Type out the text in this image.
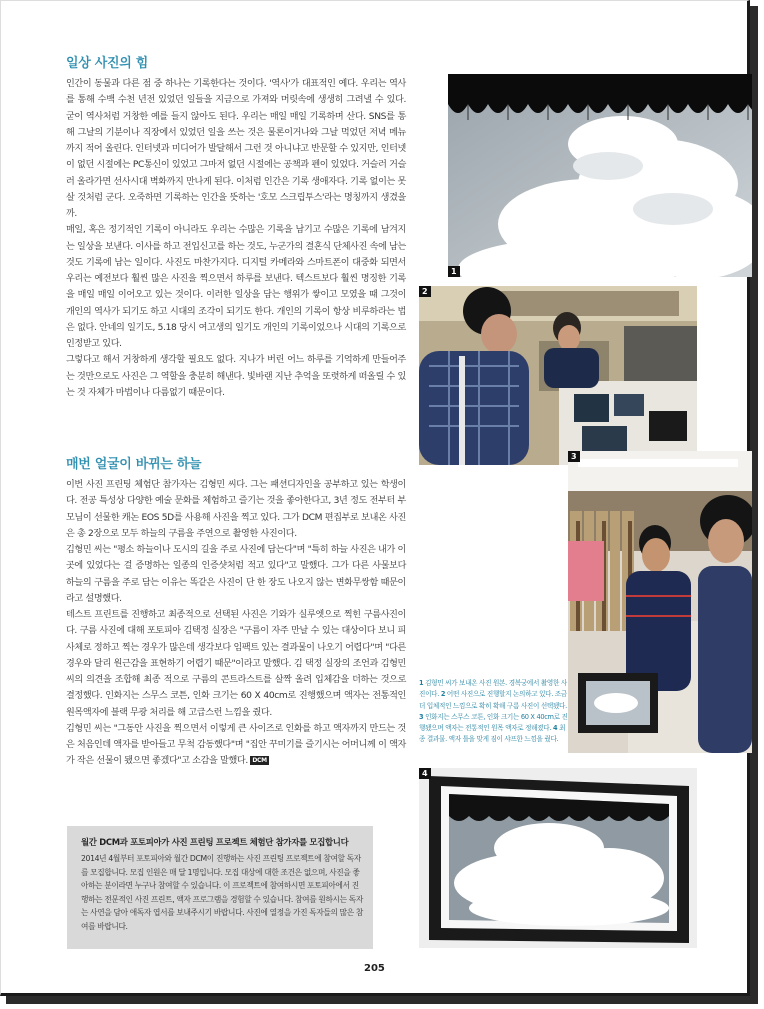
일상 사진의 힘

인간이 동물과 다른 점 중 하나는 기록한다는 것이다. '역사'가 대표적인 예다. 우리는 역사를 통해 수백 수천 년전 있었던 일들을 지금으로 가져와 머릿속에 생생히 그려낼 수 있다. 굳이 역사처럼 거창한 예를 들지 않아도 된다. 우리는 매일 매일 기록하며 산다. SNS를 통해 그날의 기분이나 직장에서 있었던 일을 쓰는 것은 물론이거나와 그날 먹었던 저녁 메뉴까지 적어 올린다. 인터넷과 미디어가 발달해서 그런 것 아니냐고 반문할 수 있지만, 인터넷이 없던 시절에는 PC통신이 있었고 그마저 없던 시절에는 공책과 펜이 있었다. 거슬러 거슬러 올라가면 선사시대 벽화까지 만나게 된다. 이처럼 인간은 기록 생애자다. 기록 없이는 못살 것처럼 군다. 오죽하면 기록하는 인간을 뜻하는 '호모 스크립투스'라는 명칭까지 생겼을까.

매일, 혹은 정기적인 기록이 아니라도 우리는 수많은 기록을 남기고 수많은 기록에 남겨지는 일상을 보낸다. 이사를 하고 전입신고를 하는 것도, 누군가의 결혼식 단체사진 속에 남는 것도 기록에 남는 일이다. 사진도 마찬가지다. 디지털 카메라와 스마트폰이 대중화 되면서 우리는 예전보다 훨씬 많은 사진을 찍으면서 하루를 보낸다. 텍스트보다 훨씬 명징한 기록을 매일 매일 이어오고 있는 것이다. 이러한 일상을 담는 행위가 쌓이고 모였을 때 그것이 개인의 역사가 되기도 하고 시대의 조각이 되기도 한다. 개인의 기록이 항상 비루하라는 법은 없다. 안네의 일기도, 5.18 당시 여고생의 일기도 개인의 기록이었으나 시대의 기록으로 인정받고 있다.

그렇다고 해서 거창하게 생각할 필요도 없다. 지나가 버린 어느 하루를 기억하게 만들어주는 것만으로도 사진은 그 역할을 충분히 해낸다. 빛바랜 지난 추억을 또렷하게 떠올릴 수 있는 것 자체가 마법이나 다름없기 때문이다.

매번 얼굴이 바뀌는 하늘

이번 사진 프린팅 체험단 참가자는 김형민 씨다. 그는 패션디자인을 공부하고 있는 학생이다. 전공 특성상 다양한 예술 문화를 체험하고 즐기는 것을 좋아한다고, 3년 정도 전부터 부모님이 선물한 캐논 EOS 5D를 사용해 사진을 찍고 있다. 그가 DCM 편집부로 보내온 사진은 총 2장으로 모두 하늘의 구름을 주연으로 촬영한 사진이다.

김형민 씨는 "평소 하늘이나 도시의 길을 주로 사진에 담는다"며 "특히 하늘 사진은 내가 이 곳에 있었다는 걸 증명하는 일종의 인증샷처럼 적고 있다"고 말했다. 그가 다른 사물보다 하늘의 구름을 주로 담는 이유는 똑같은 사진이 단 한 장도 나오지 않는 변화무쌍함 때문이라고 설명했다.

테스트 프린트를 진행하고 최종적으로 선택된 사진은 기와가 실루엣으로 찍힌 구름사진이다. 구름 사진에 대해 포토피아 김택정 실장은 "구름이 자주 만날 수 있는 대상이다 보니 피사체로 정하고 찍는 경우가 많은데 생각보다 임팩트 있는 결과물이 나오기 어렵다"며 "다른 경우와 달리 원근감을 표현하기 어렵기 때문"이라고 말했다. 김 택정 실장의 조언과 김형민 씨의 의견을 조합해 최종 적으로 구름의 콘트라스트를 살짝 올려 입체감을 더하는 것으로 결정했다. 인화지는 스무스 코튼, 인화 크기는 60 X 40cm로 진행했으며 액자는 전통적인 원목액자에 블랙 무광 처리를 해 고급스런 느낌을 줬다.

김형민 씨는 "그동안 사진을 찍으면서 이렇게 큰 사이즈로 인화를 하고 액자까지 만드는 것은 처음인데 액자를 받아들고 무척 감동했다"며 "집안 꾸미기를 즐기시는 어머니께 이 액자가 작은 선물이 됐으면 좋겠다"고 소감을 말했다. DCM

1
2
3
1 김형민 씨가 보내온 사진 원본. 경복궁에서 촬영한 사진이다. 2 어떤 사진으로 진행할지 논의하고 있다. 조금 더 입체적인 느낌으로 확히 확해 구름 사진이 선택됐다. 3 인화지는 스무스 코튼, 인화 크기는 60 X 40cm로 진행됐으며 액자는 전통적인 원목 액자로 정해졌다. 4 최종 결과물. 액자 틀을 맞게 짐이 샤프한 느낌을 줬다.
4
월간 DCM과 포토피아가 사진 프린팅 프로젝트 체험단 참가자를 모집합니다
2014년 4월부터 포토피아와 월간 DCM이 진행하는 사진 프린팅 프로젝트에 참여할 독자를 모집합니다. 모집 인원은 매 달 1명입니다. 모집 대상에 대한 조건은 없으며, 사진을 좋아하는 분이라면 누구나 참여할 수 있습니다. 이 프로젝트에 참여하시면 포토피아에서 진행하는 전문적인 사진 프린트, 액자 프로그램을 경험할 수 있습니다. 참여를 원하시는 독자는 사연을 담아 애독자 엽서를 보내주시기 바랍니다. 사진에 열정을 가진 독자들의 많은 참여를 바랍니다.
205
